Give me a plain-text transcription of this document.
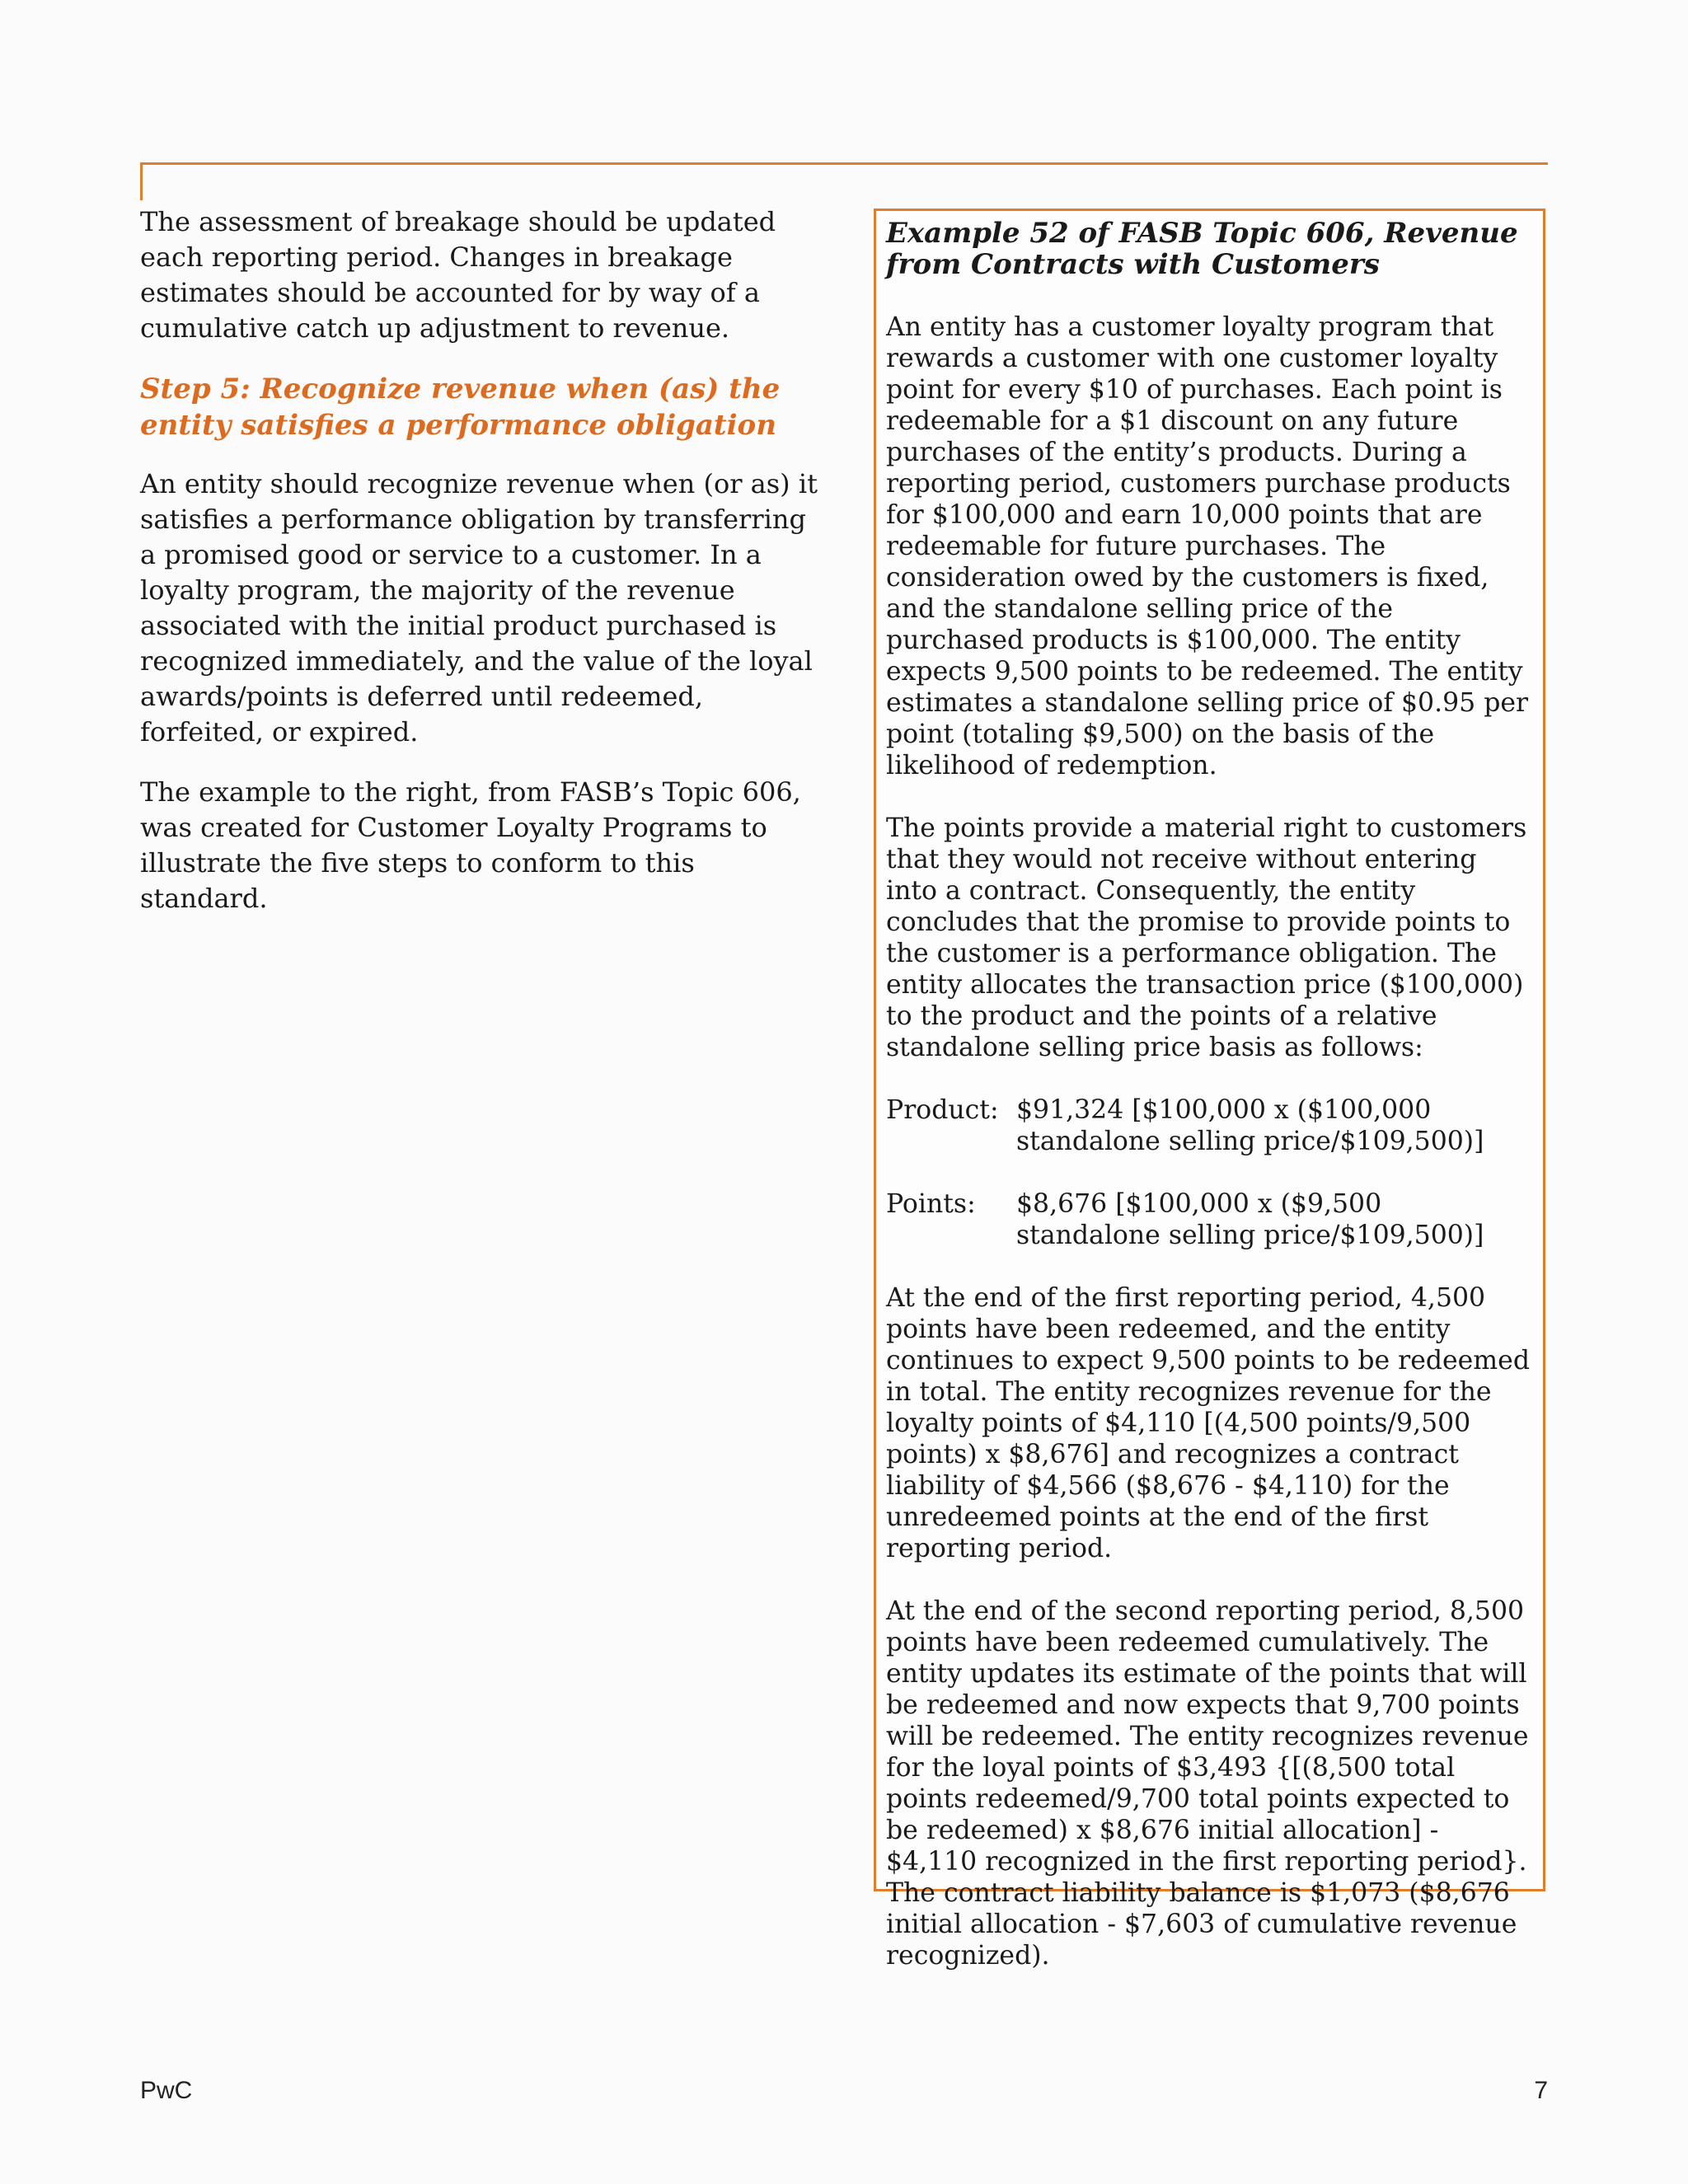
The assessment of breakage should be updated each reporting period. Changes in breakage estimates should be accounted for by way of a cumulative catch up adjustment to revenue.

Step 5: Recognize revenue when (as) the entity satisfies a performance obligation

An entity should recognize revenue when (or as) it satisfies a performance obligation by transferring a promised good or service to a customer. In a loyalty program, the majority of the revenue associated with the initial product purchased is recognized immediately, and the value of the loyal awards/points is deferred until redeemed, forfeited, or expired.

The example to the right, from FASB’s Topic 606, was created for Customer Loyalty Programs to illustrate the five steps to conform to this standard.

Example 52 of FASB Topic 606, Revenue from Contracts with Customers

An entity has a customer loyalty program that rewards a customer with one customer loyalty point for every $10 of purchases. Each point is redeemable for a $1 discount on any future purchases of the entity’s products. During a reporting period, customers purchase products for $100,000 and earn 10,000 points that are redeemable for future purchases. The consideration owed by the customers is fixed, and the standalone selling price of the purchased products is $100,000. The entity expects 9,500 points to be redeemed. The entity estimates a standalone selling price of $0.95 per point (totaling $9,500) on the basis of the likelihood of redemption.

The points provide a material right to customers that they would not receive without entering into a contract. Consequently, the entity concludes that the promise to provide points to the customer is a performance obligation. The entity allocates the transaction price ($100,000) to the product and the points of a relative standalone selling price basis as follows:

Product: $91,324 [$100,000 x ($100,000 standalone selling price/$109,500)]
Points:	$8,676 [$100,000 x ($9,500 standalone selling price/$109,500)]

At the end of the first reporting period, 4,500 points have been redeemed, and the entity continues to expect 9,500 points to be redeemed in total. The entity recognizes revenue for the loyalty points of $4,110 [(4,500 points/9,500 points) x $8,676] and recognizes a contract liability of $4,566 ($8,676 - $4,110) for the unredeemed points at the end of the first reporting period.

At the end of the second reporting period, 8,500 points have been redeemed cumulatively. The entity updates its estimate of the points that will be redeemed and now expects that 9,700 points will be redeemed. The entity recognizes revenue for the loyal points of $3,493 {[(8,500 total points redeemed/9,700 total points expected to be redeemed) x $8,676 initial allocation] - $4,110 recognized in the first reporting period}. The contract liability balance is $1,073 ($8,676 initial allocation - $7,603 of cumulative revenue recognized).

PwC	7
